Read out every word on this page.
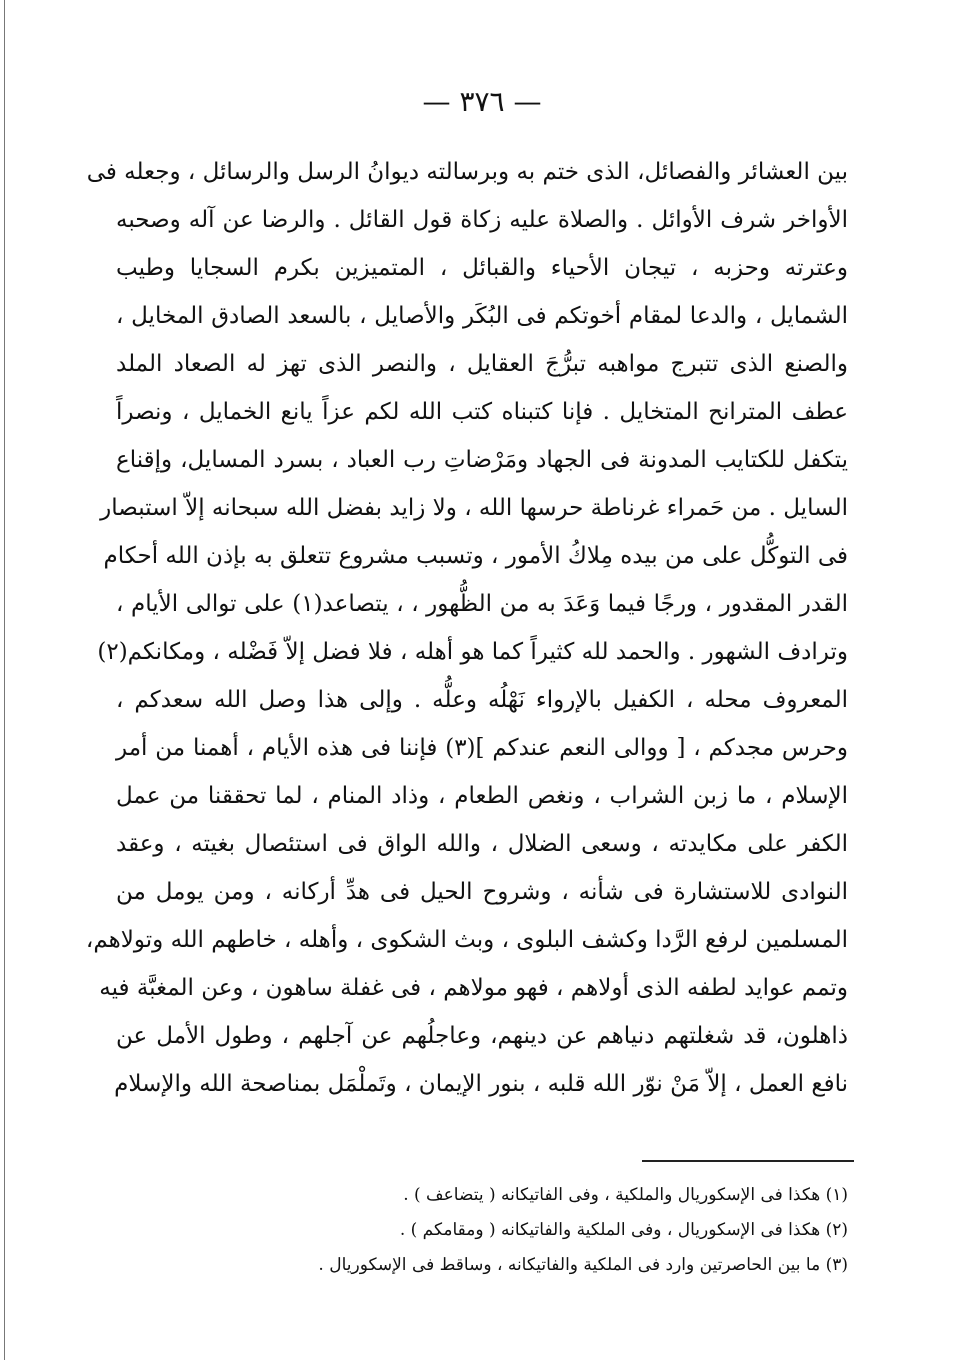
— ٣٧٦ —
بين العشائر والفصائل، الذى ختم به وبرسالته ديوانُ الرسل والرسائل ، وجعله فى
الأواخر شرف الأوائل . والصلاة عليه زكاة قول القائل . والرضا عن آله وصحبه
وعترته وحزبه ، تيجان الأحياء والقبائل ، المتميزين بكرم السجايا وطيب
الشمايل ، والدعا لمقام أخوتكم فى البُكَر والأصايل ، بالسعد الصادق المخايل ،
والصنع الذى تتبرج مواهبه تبرُّجَ العقايل ، والنصر الذى تهز له الصعاد الملد
عطف المترانح المتخايل . فإنا كتبناه كتب الله لكم عزاً يانع الخمايل ، ونصراً
يتكفل للكتايب المدونة فى الجهاد ومَرْضاتِ رب العباد ، بسرد المسايل، وإقناع
السايل . من حَمراء غرناطة حرسها الله ، ولا زايد بفضل الله سبحانه إلاّ استبصار
فى التوكُّل على من بيده مِلاكُ الأمور ، وتسبب مشروع تتعلق به بإذن الله أحكام
القدر المقدور ، ورجًا فيما وَعَدَ به من الظُّهور ، ، يتصاعد(١) على توالى الأيام ،
وترادف الشهور . والحمد لله كثيراً كما هو أهله ، فلا فضل إلاّ فَضْله ، ومكانكم(٢)
المعروف محله ، الكفيل بالإرواء نَهْلُه وعلُّه . وإلى هذا وصل الله سعدكم ،
وحرس مجدكم ، [ ووالى النعم عندكم ](٣) فإننا فى هذه الأيام ، أهمنا من أمر
الإسلام ، ما زبن الشراب ، ونغص الطعام ، وذاد المنام ، لما تحققنا من عمل
الكفر على مكايدته ، وسعى الضلال ، والله الواق فى استئصال بغيته ، وعقد
النوادى للاستشارة فى شأنه ، وشروح الحيل فى هدِّ أركانه ، ومن يومل من
المسلمين لرفع الرَّدا وكشف البلوى ، وبث الشكوى ، وأهله ، خاطهم الله وتولاهم،
وتمم عوايد لطفه الذى أولاهم ، فهو مولاهم ، فى غفلة ساهون ، وعن المغبَّة فيه
ذاهلون، قد شغلتهم دنياهم عن دينهم، وعاجلُهم عن آجلهم ، وطول الأمل عن
نافع العمل ، إلاّ مَنْ نوّر الله قلبه ، بنور الإيمان ، وتَملْمَل بمناصحة الله والإسلام
(١) هكذا فى الإسكوريال والملكية ، وفى الفاتيكانه ( يتضاعف ) .
(٢) هكذا فى الإسكوريال ، وفى الملكية والفاتيكانه ( ومقامكم ) .
(٣) ما بين الحاصرتين وارد فى الملكية والفاتيكانه ، وساقط فى الإسكوريال .
